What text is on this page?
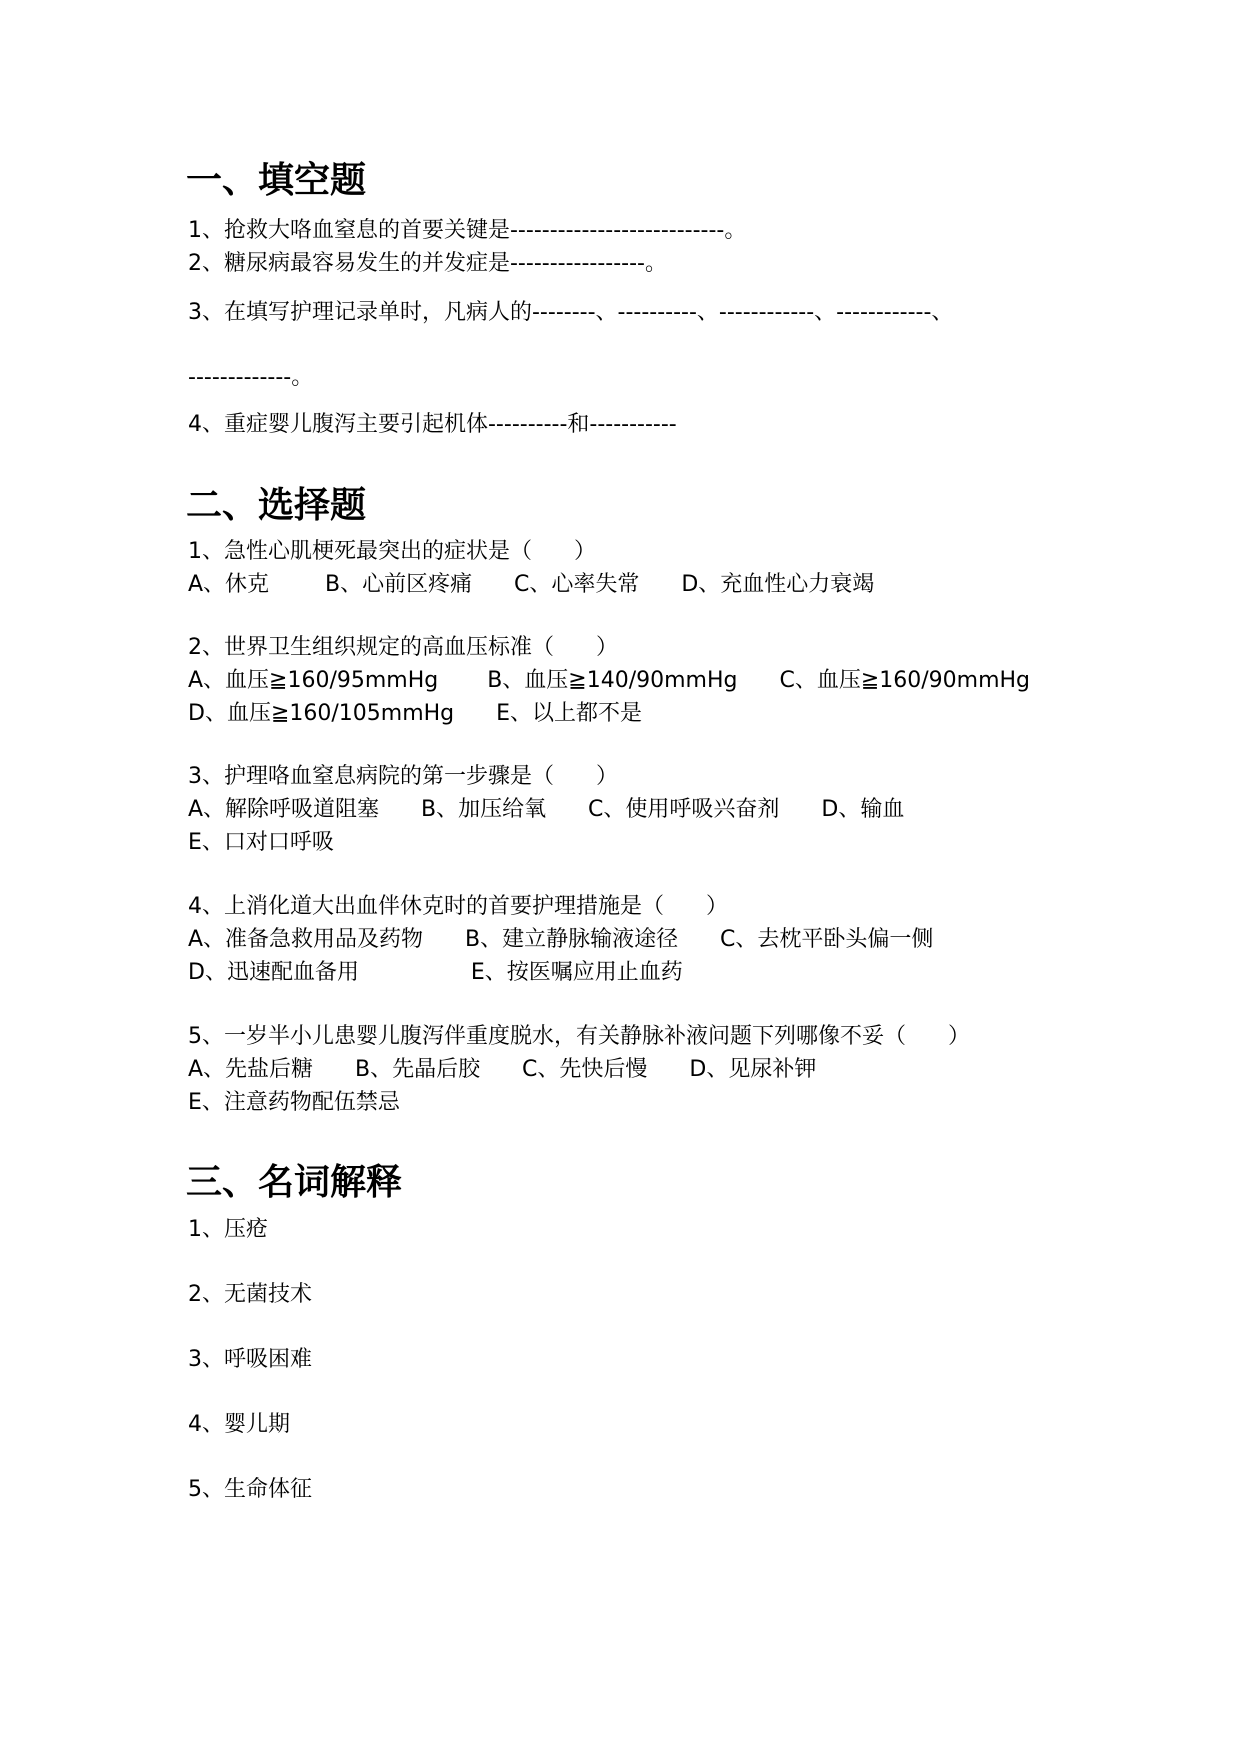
一、填空题
1、抢救大咯血窒息的首要关键是---------------------------。
2、糖尿病最容易发生的并发症是-----------------。
3、在填写护理记录单时，凡病人的--------、----------、------------、------------、
-------------。
4、重症婴儿腹泻主要引起机体----------和-----------
二、选择题
1、急性心肌梗死最突出的症状是（      ）
A、休克        B、心前区疼痛      C、心率失常      D、充血性心力衰竭
2、世界卫生组织规定的高血压标准（      ）
A、血压≧160/95mmHg       B、血压≧140/90mmHg      C、血压≧160/90mmHg
D、血压≧160/105mmHg      E、以上都不是
3、护理咯血窒息病院的第一步骤是（      ）
A、解除呼吸道阻塞      B、加压给氧      C、使用呼吸兴奋剂      D、输血
E、口对口呼吸
4、上消化道大出血伴休克时的首要护理措施是（      ）
A、准备急救用品及药物      B、建立静脉输液途径      C、去枕平卧头偏一侧
D、迅速配血备用                E、按医嘱应用止血药
5、一岁半小儿患婴儿腹泻伴重度脱水，有关静脉补液问题下列哪像不妥（      ）
A、先盐后糖      B、先晶后胶      C、先快后慢      D、见尿补钾
E、注意药物配伍禁忌
三、名词解释
1、压疮
2、无菌技术
3、呼吸困难
4、婴儿期
5、生命体征
